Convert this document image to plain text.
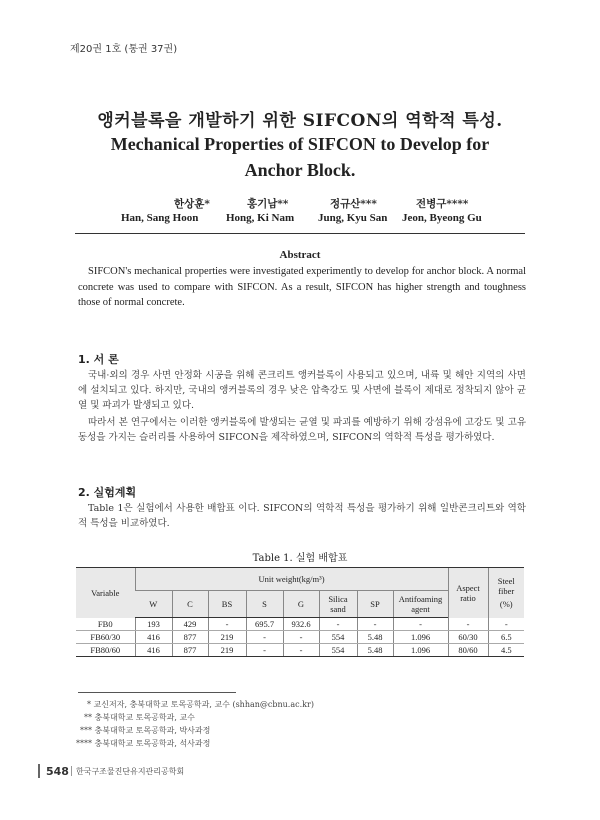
제20권 1호 (통권 37권)
앵커블록을 개발하기 위한 SIFCON의 역학적 특성.
Mechanical Properties of SIFCON to Develop for
Anchor Block.
한상훈*	홍기남**	정규산***	전병구****
Han, Sang Hoon	Hong, Ki Nam Jung, Kyu San Jeon, Byeong Gu
Abstract
SIFCON's mechanical properties were investigated experimently to develop for anchor block. A normal concrete was used to compare with SIFCON. As a result, SIFCON has higher strength and toughness those of normal concrete.
1. 서 론
국내·외의 경우 사면 안정화 시공을 위해 콘크리트 앵커블록이 사용되고 있으며, 내륙 및 해안 지역의 사면에 설치되고 있다. 하지만, 국내의 앵커블록의 경우 낮은 압축강도 및 사면에 블록이 제대로 정착되지 않아 균열 및 파괴가 발생되고 있다.
따라서 본 연구에서는 이러한 앵커블록에 발생되는 균열 및 파괴를 예방하기 위해 강섬유에 고강도 및 고유동성을 가지는 슬러리를 사용하여 SIFCON을 제작하였으며, SIFCON의 역학적 특성을 평가하였다.
2. 실험계획
Table 1은 실험에서 사용한 배합표 이다. SIFCON의 역학적 특성을 평가하기 위해 일반콘크리트와 역학적 특성을 비교하였다.
Table 1. 실험 배합표
Variable	Unit weight(kg/m³)								Aspect ratio	Steel fiber
(%)

	W	C	BS	S	G	Silica sand	SP	Antifoaming agent		
FB0	193	429	-	695.7	932.6	-	-	-	-	-
FB60/30	416	877	219	-	-	554	5.48	1.096	60/30	6.5
FB80/60	416	877	219	-	-	554	5.48	1.096	80/60	4.5
* 교신저자, 충북대학교 토목공학과, 교수 (shhan@cbnu.ac.kr)
** 충북대학교 토목공학과, 교수
*** 충북대학교 토목공학과, 박사과정
**** 충북대학교 토목공학과, 석사과정
548 한국구조물진단유지관리공학회
